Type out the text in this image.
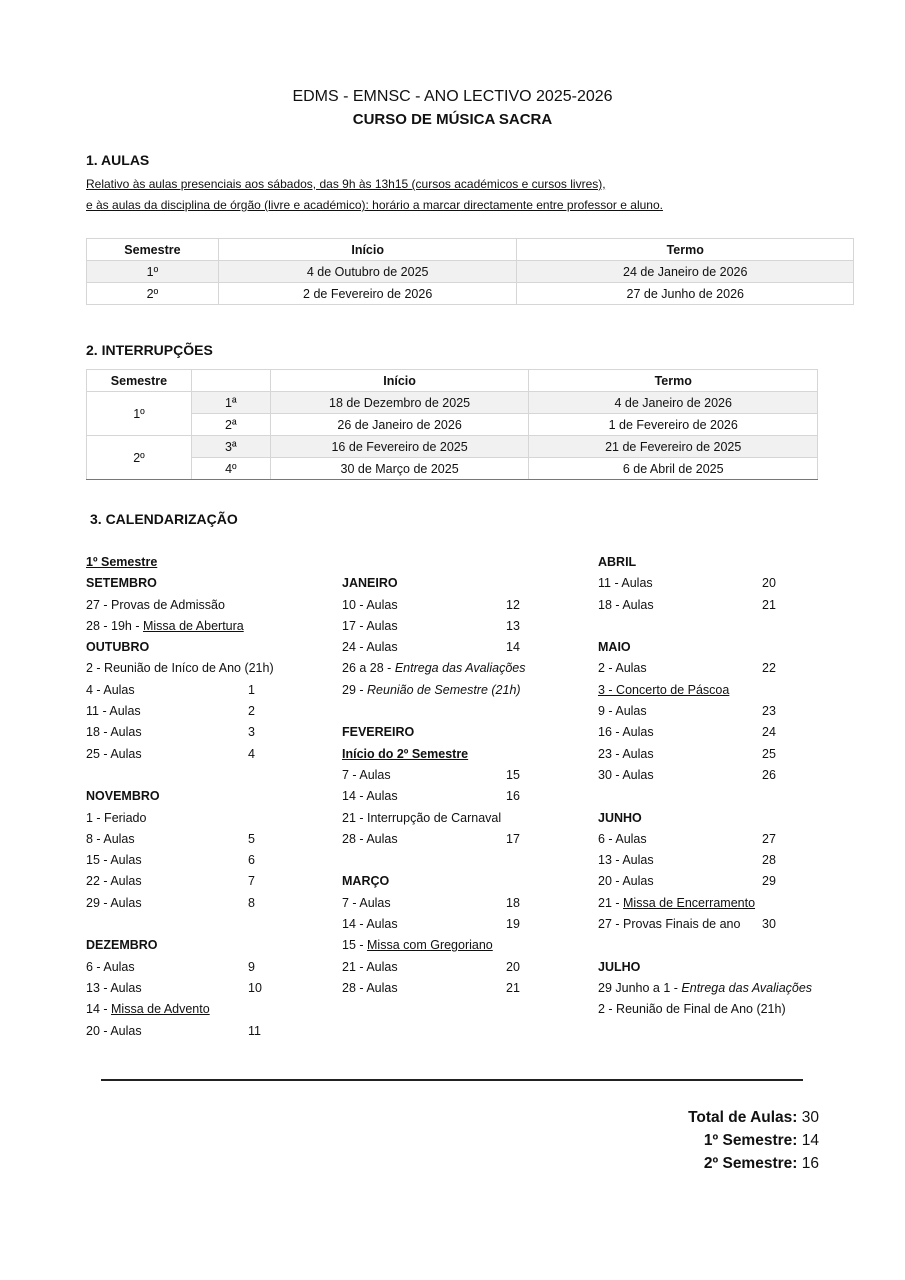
EDMS - EMNSC - ANO LECTIVO 2025-2026
CURSO DE MÚSICA SACRA
1. AULAS
Relativo às aulas presenciais aos sábados, das 9h às 13h15 (cursos académicos e cursos livres),
e às aulas da disciplina de órgão (livre e académico): horário a marcar directamente entre professor e aluno.
Semestre	Início	Termo
1º	4 de Outubro de 2025	24 de Janeiro de 2026
2º	2 de Fevereiro de 2026	27 de Junho de 2026
2. INTERRUPÇÕES
Semestre		Início	Termo
1º	1ª	18 de Dezembro de 2025	4 de Janeiro de 2026
	2ª	26 de Janeiro de 2026	1 de Fevereiro de 2026
2º	3ª	16 de Fevereiro de 2025	21 de Fevereiro de 2025
	4º	30 de Março de 2025	6 de Abril de 2025
3. CALENDARIZAÇÃO
1º Semestre
SETEMBRO
27 - Provas de Admissão
28 - 19h - Missa de Abertura
OUTUBRO
2 - Reunião de Iníco de Ano (21h)
4 - Aulas	1
11 - Aulas	2
18 - Aulas	3
25 - Aulas	4
NOVEMBRO
1 - Feriado
8 - Aulas	5
15 - Aulas	6
22 - Aulas	7
29 - Aulas	8
DEZEMBRO
6 - Aulas	9
13 - Aulas	10
14 - Missa de Advento
20 - Aulas	11
JANEIRO
10 - Aulas	12
17 - Aulas	13
24 - Aulas	14
26 a 28 - Entrega das Avaliações
29 - Reunião de Semestre (21h)
FEVEREIRO
Início do 2º Semestre
7 - Aulas	15
14 - Aulas	16
21 - Interrupção de Carnaval
28 - Aulas	17
MARÇO
7 - Aulas	18
14 - Aulas	19
15 - Missa com Gregoriano
21 - Aulas	20
28 - Aulas	21
ABRIL
11 - Aulas	20
18 - Aulas	21
MAIO
2 - Aulas	22
3 - Concerto de Páscoa
9 - Aulas	23
16 - Aulas	24
23 - Aulas	25
30 - Aulas	26
JUNHO
6 - Aulas	27
13 - Aulas	28
20 - Aulas	29
21 - Missa de Encerramento
27 - Provas Finais de ano 30
JULHO
29 Junho a 1 - Entrega das Avaliações
2 - Reunião de Final de Ano (21h)
Total de Aulas: 30
1º Semestre: 14
2º Semestre: 16
